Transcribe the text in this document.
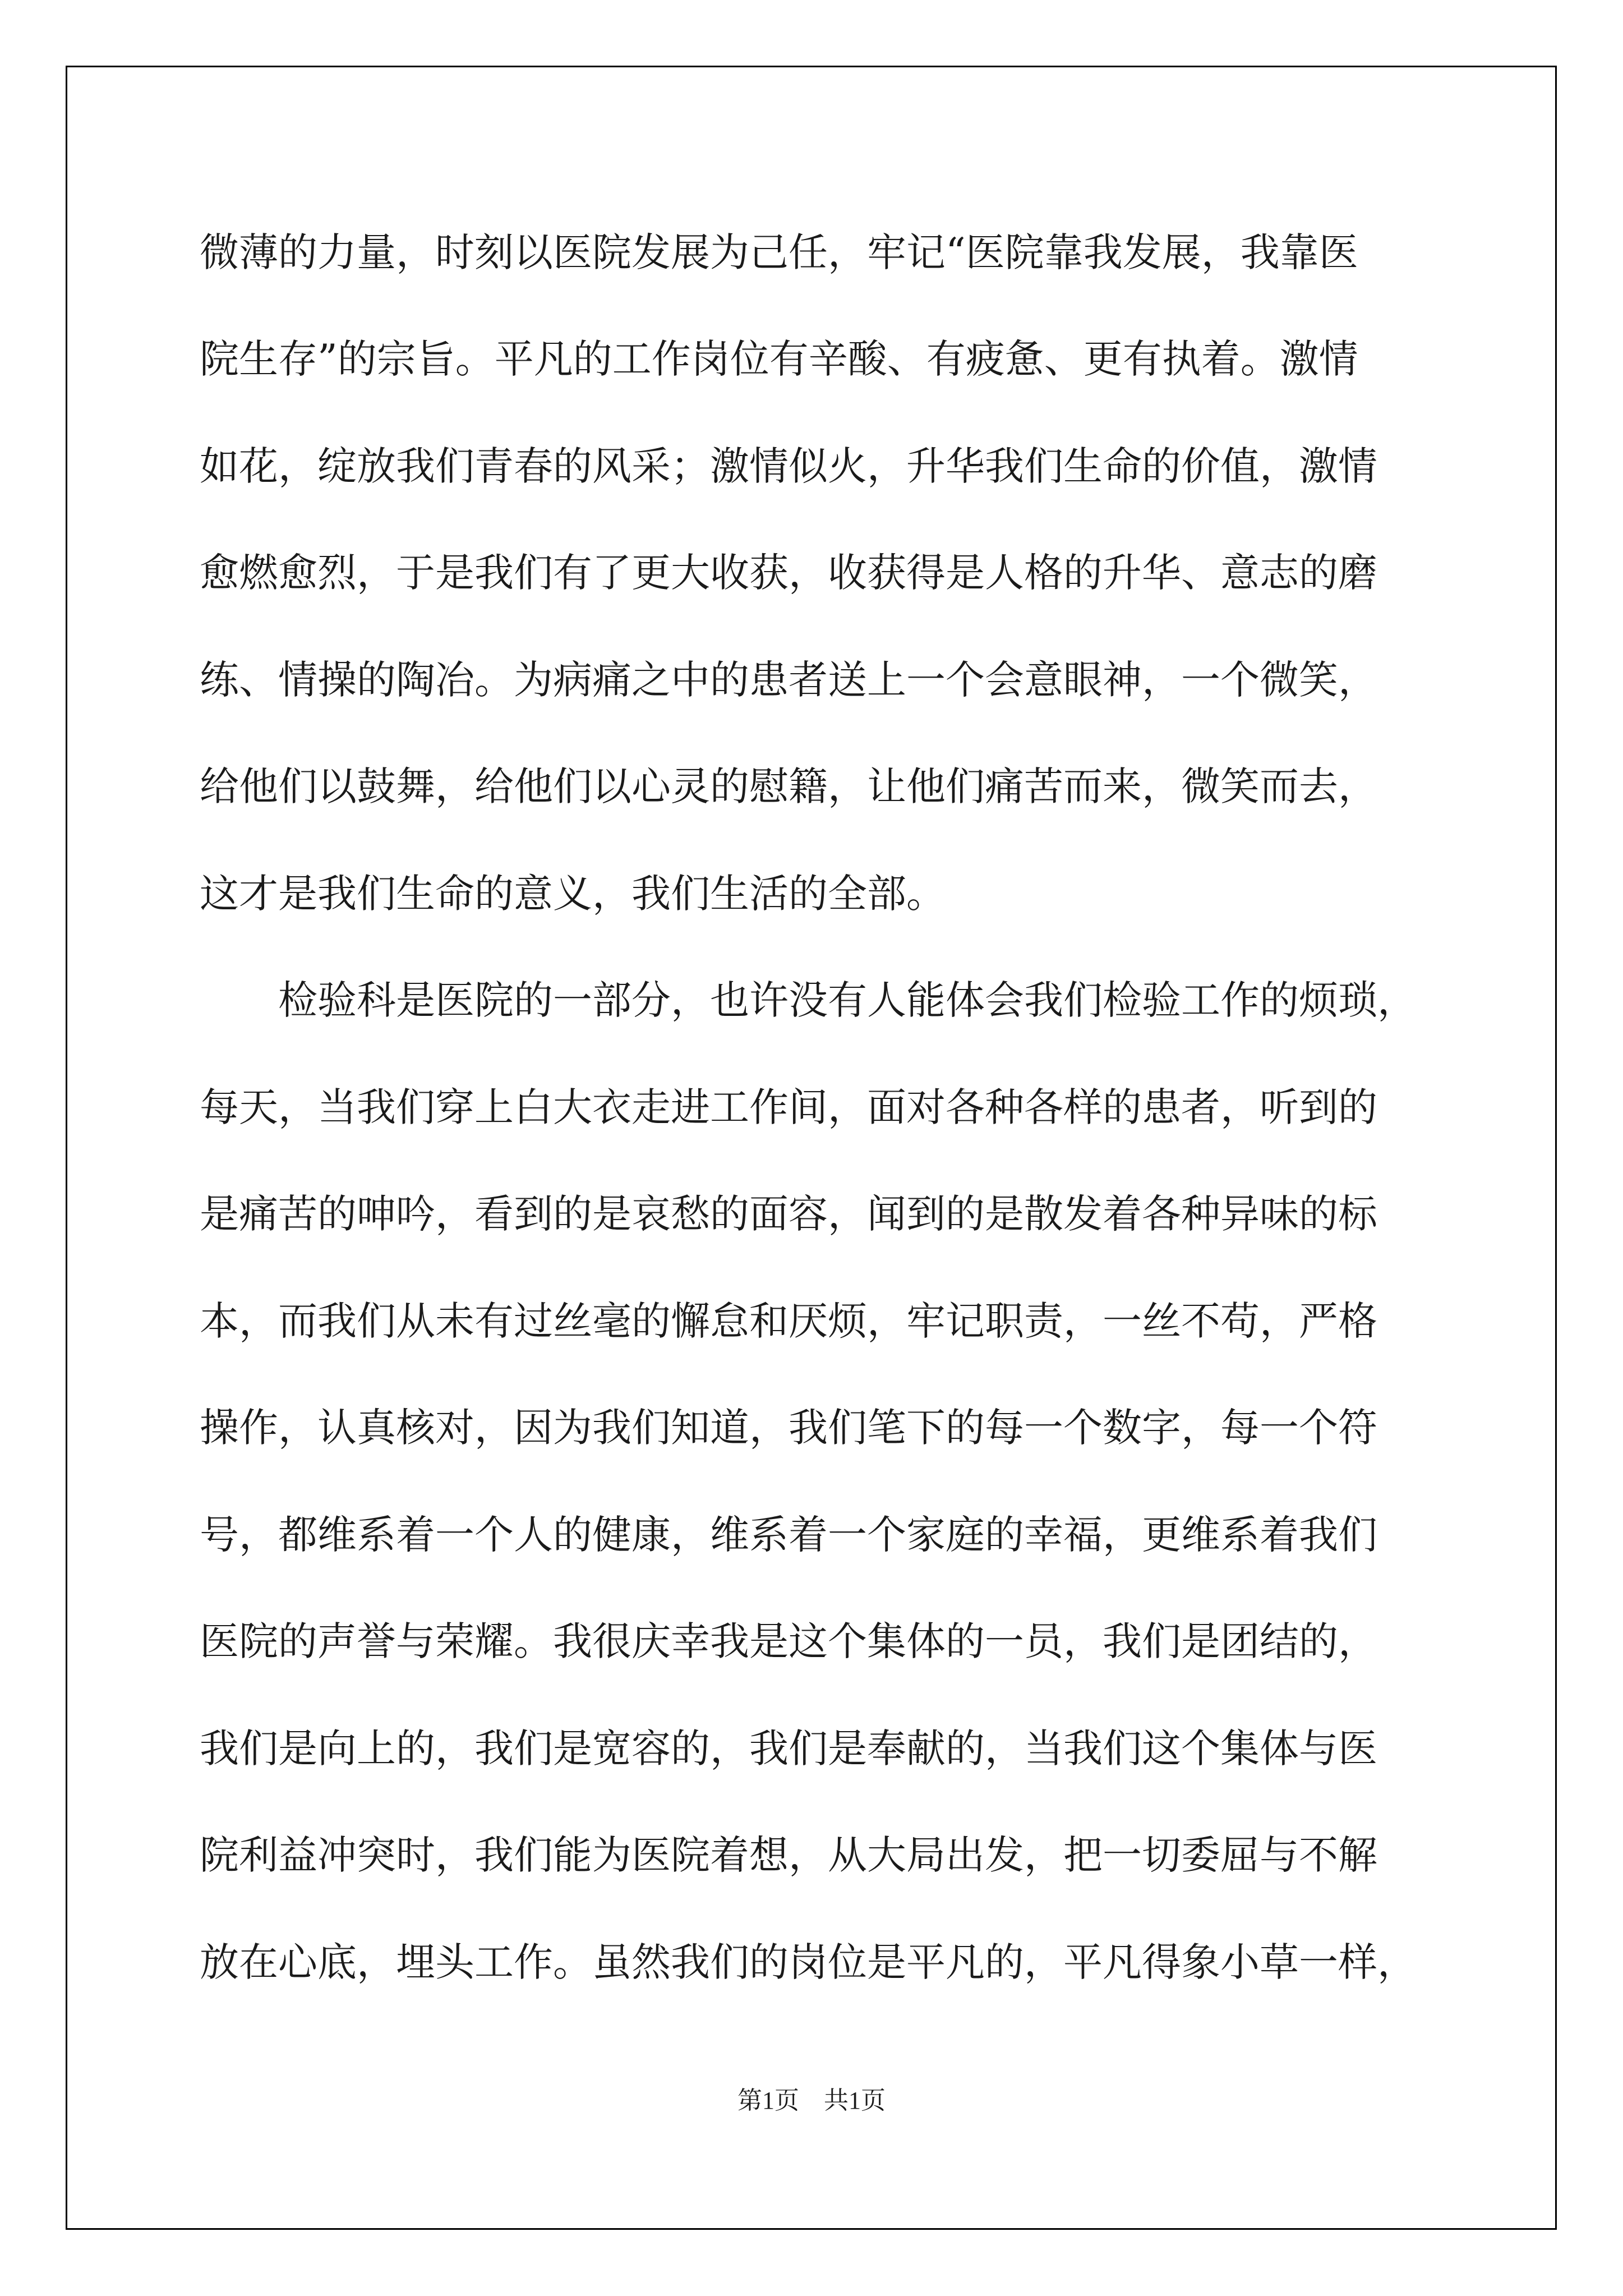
微薄的力量，时刻以医院发展为己任，牢记“医院靠我发展，我靠医

院生存”的宗旨。平凡的工作岗位有辛酸、有疲惫、更有执着。激情

如花，绽放我们青春的风采；激情似火，升华我们生命的价值，激情

愈燃愈烈，于是我们有了更大收获，收获得是人格的升华、意志的磨

练、情操的陶冶。为病痛之中的患者送上一个会意眼神，一个微笑，

给他们以鼓舞，给他们以心灵的慰籍，让他们痛苦而来，微笑而去，

这才是我们生命的意义，我们生活的全部。

　　检验科是医院的一部分，也许没有人能体会我们检验工作的烦琐，

每天，当我们穿上白大衣走进工作间，面对各种各样的患者，听到的

是痛苦的呻吟，看到的是哀愁的面容，闻到的是散发着各种异味的标

本，而我们从未有过丝毫的懈怠和厌烦，牢记职责，一丝不苟，严格

操作，认真核对，因为我们知道，我们笔下的每一个数字，每一个符

号，都维系着一个人的健康，维系着一个家庭的幸福，更维系着我们

医院的声誉与荣耀。我很庆幸我是这个集体的一员，我们是团结的，

我们是向上的，我们是宽容的，我们是奉献的，当我们这个集体与医

院利益冲突时，我们能为医院着想，从大局出发，把一切委屈与不解

放在心底，埋头工作。虽然我们的岗位是平凡的，平凡得象小草一样，

第1页　共1页
